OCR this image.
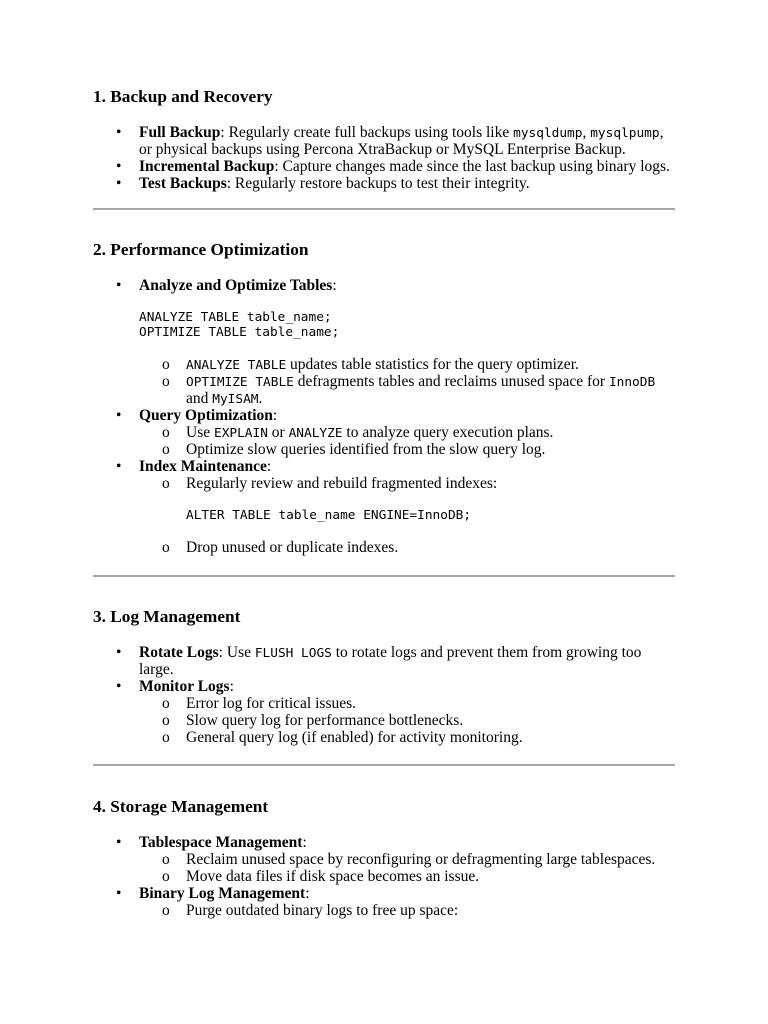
1. Backup and Recovery
• Full Backup: Regularly create full backups using tools like mysqldump, mysqlpump,
or physical backups using Percona XtraBackup or MySQL Enterprise Backup.
• Incremental Backup: Capture changes made since the last backup using binary logs.
• Test Backups: Regularly restore backups to test their integrity.
2. Performance Optimization
• Analyze and Optimize Tables:
ANALYZE TABLE table_name;
OPTIMIZE TABLE table_name;
o ANALYZE TABLE updates table statistics for the query optimizer.
o OPTIMIZE TABLE defragments tables and reclaims unused space for InnoDB
and MyISAM.
• Query Optimization:
o Use EXPLAIN or ANALYZE to analyze query execution plans.
o Optimize slow queries identified from the slow query log.
• Index Maintenance:
o Regularly review and rebuild fragmented indexes:
ALTER TABLE table_name ENGINE=InnoDB;
o Drop unused or duplicate indexes.
3. Log Management
• Rotate Logs: Use FLUSH LOGS to rotate logs and prevent them from growing too
large.
• Monitor Logs:
o Error log for critical issues.
o Slow query log for performance bottlenecks.
o General query log (if enabled) for activity monitoring.
4. Storage Management
• Tablespace Management:
o Reclaim unused space by reconfiguring or defragmenting large tablespaces.
o Move data files if disk space becomes an issue.
• Binary Log Management:
o Purge outdated binary logs to free up space:
